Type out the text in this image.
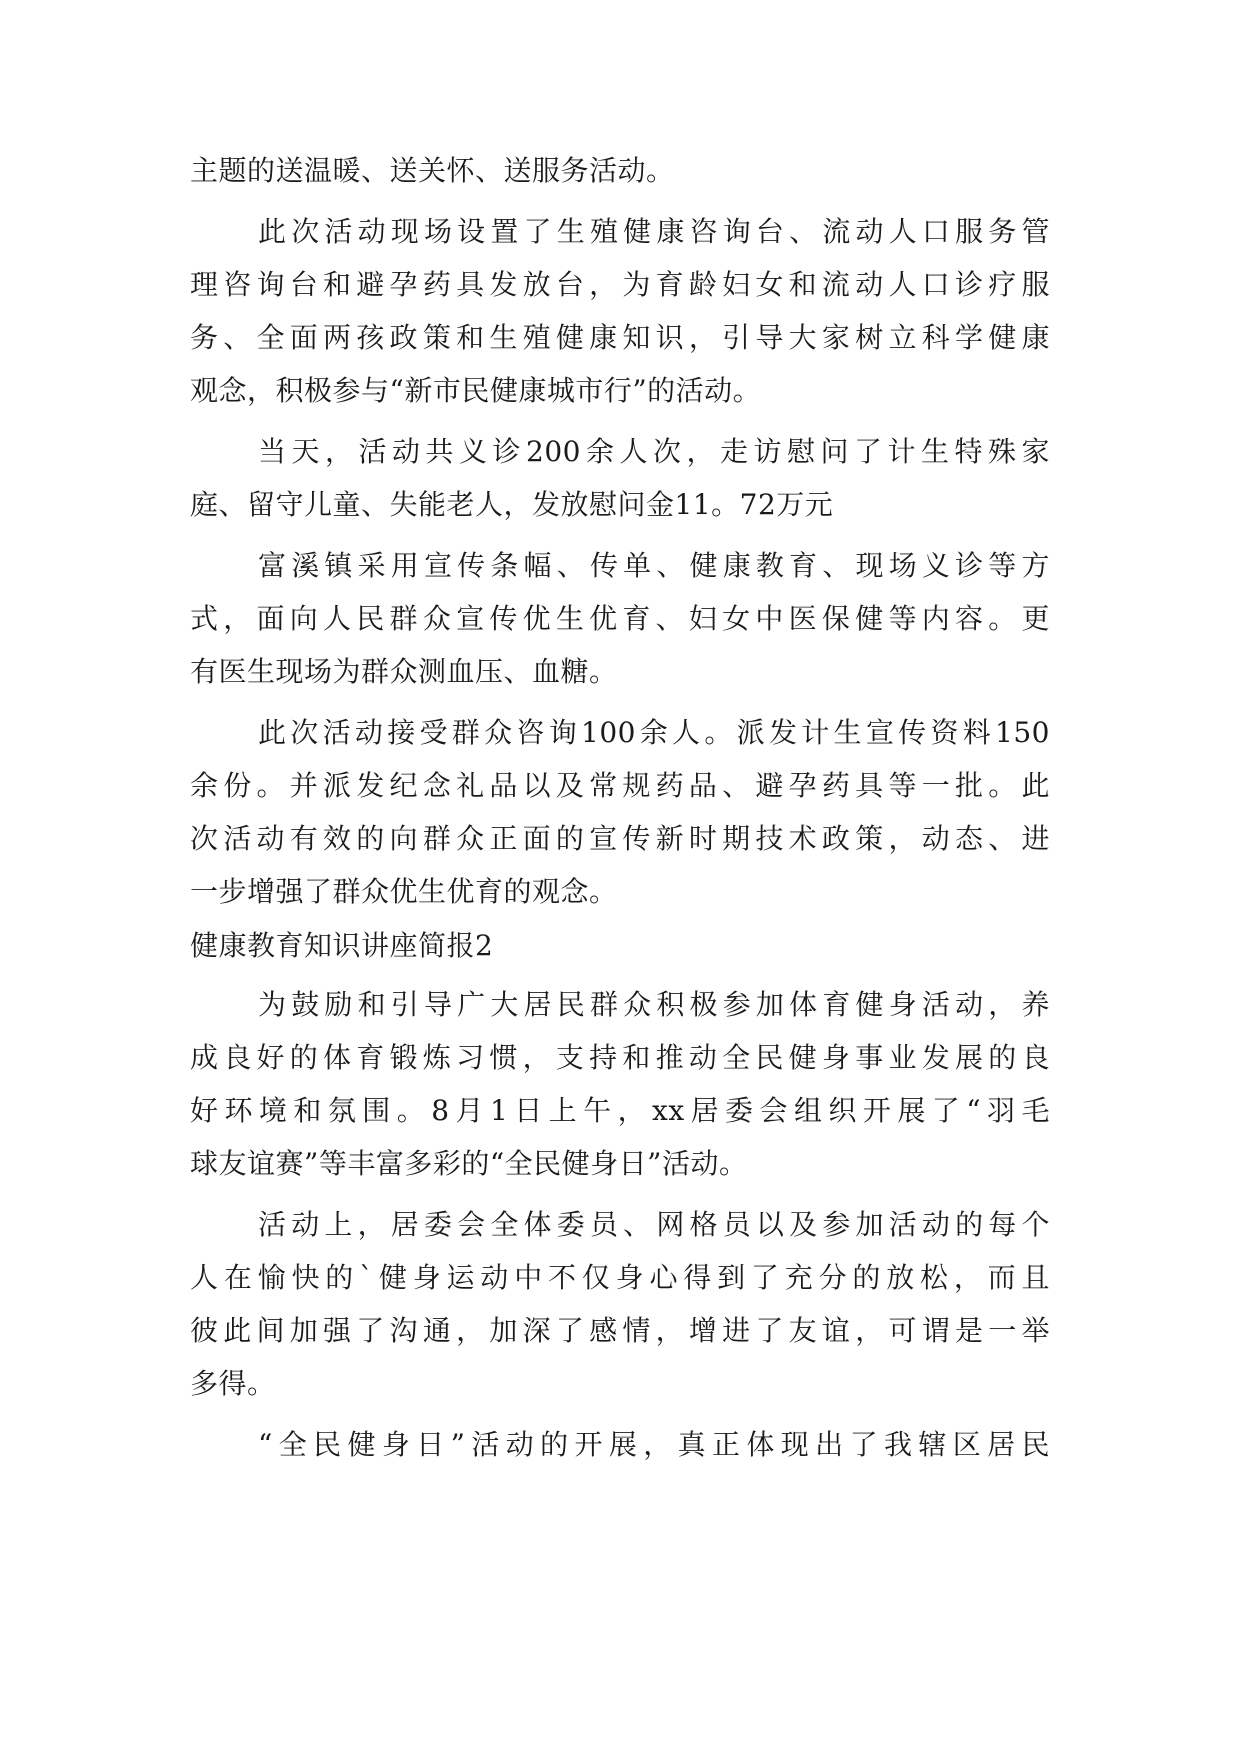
主题的送温暖、送关怀、送服务活动。
此次活动现场设置了生殖健康咨询台、流动人口服务管
理咨询台和避孕药具发放台，为育龄妇女和流动人口诊疗服
务、全面两孩政策和生殖健康知识，引导大家树立科学健康
观念，积极参与“新市民健康城市行”的活动。
当天，活动共义诊200余人次，走访慰问了计生特殊家
庭、留守儿童、失能老人，发放慰问金11。72万元
富溪镇采用宣传条幅、传单、健康教育、现场义诊等方
式，面向人民群众宣传优生优育、妇女中医保健等内容。更
有医生现场为群众测血压、血糖。
此次活动接受群众咨询100余人。派发计生宣传资料150
余份。并派发纪念礼品以及常规药品、避孕药具等一批。此
次活动有效的向群众正面的宣传新时期技术政策，动态、进
一步增强了群众优生优育的观念。
健康教育知识讲座简报2
为鼓励和引导广大居民群众积极参加体育健身活动，养
成良好的体育锻炼习惯，支持和推动全民健身事业发展的良
好环境和氛围。8月1日上午，xx居委会组织开展了“羽毛
球友谊赛”等丰富多彩的“全民健身日”活动。
活动上，居委会全体委员、网格员以及参加活动的每个
人在愉快的`健身运动中不仅身心得到了充分的放松，而且
彼此间加强了沟通，加深了感情，增进了友谊，可谓是一举
多得。
“全民健身日”活动的开展，真正体现出了我辖区居民
